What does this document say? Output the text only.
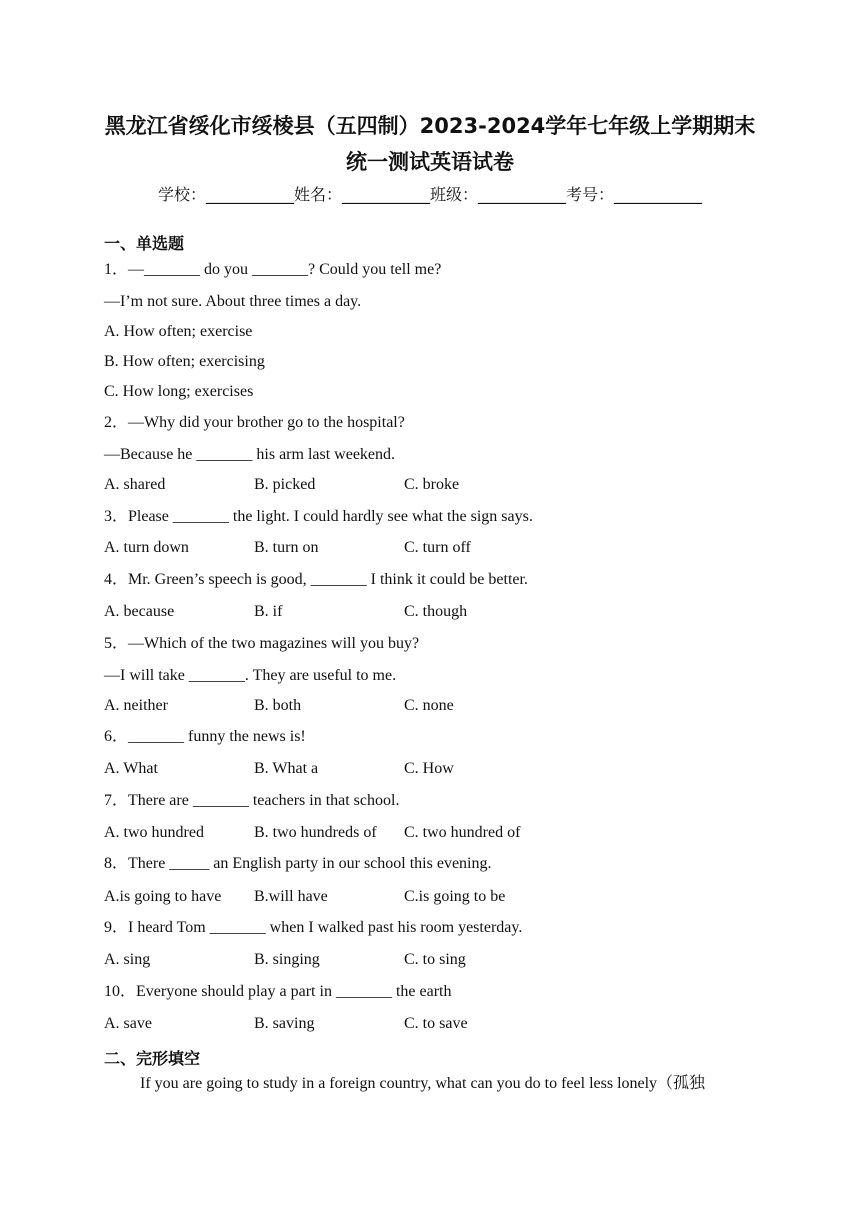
黑龙江省绥化市绥棱县（五四制）2023-2024学年七年级上学期期末
统一测试英语试卷
学校：___________姓名：___________班级：___________考号：___________
一、单选题
1．—_______ do you _______? Could you tell me?
—I’m not sure. About three times a day.
A. How often; exercise
B. How often; exercising
C. How long; exercises
2．—Why did your brother go to the hospital?
—Because he _______ his arm last weekend.
A. shared	B. picked	C. broke
3．Please _______ the light. I could hardly see what the sign says.
A. turn down	B. turn on	C. turn off
4．Mr. Green’s speech is good, _______ I think it could be better.
A. because	B. if	C. though
5．—Which of the two magazines will you buy?
—I will take _______. They are useful to me.
A. neither	B. both	C. none
6．_______ funny the news is!
A. What	B. What a	C. How
7．There are _______ teachers in that school.
A. two hundred	B. two hundreds of C. two hundred of
8．There _____ an English party in our school this evening.
A.is going to have B.will have	C.is going to be
9．I heard Tom _______ when I walked past his room yesterday.
A. sing	B. singing	C. to sing
10．Everyone should play a part in _______ the earth
A. save	B. saving	C. to save
二、完形填空
If you are going to study in a foreign country, what can you do to feel less lonely（孤独
